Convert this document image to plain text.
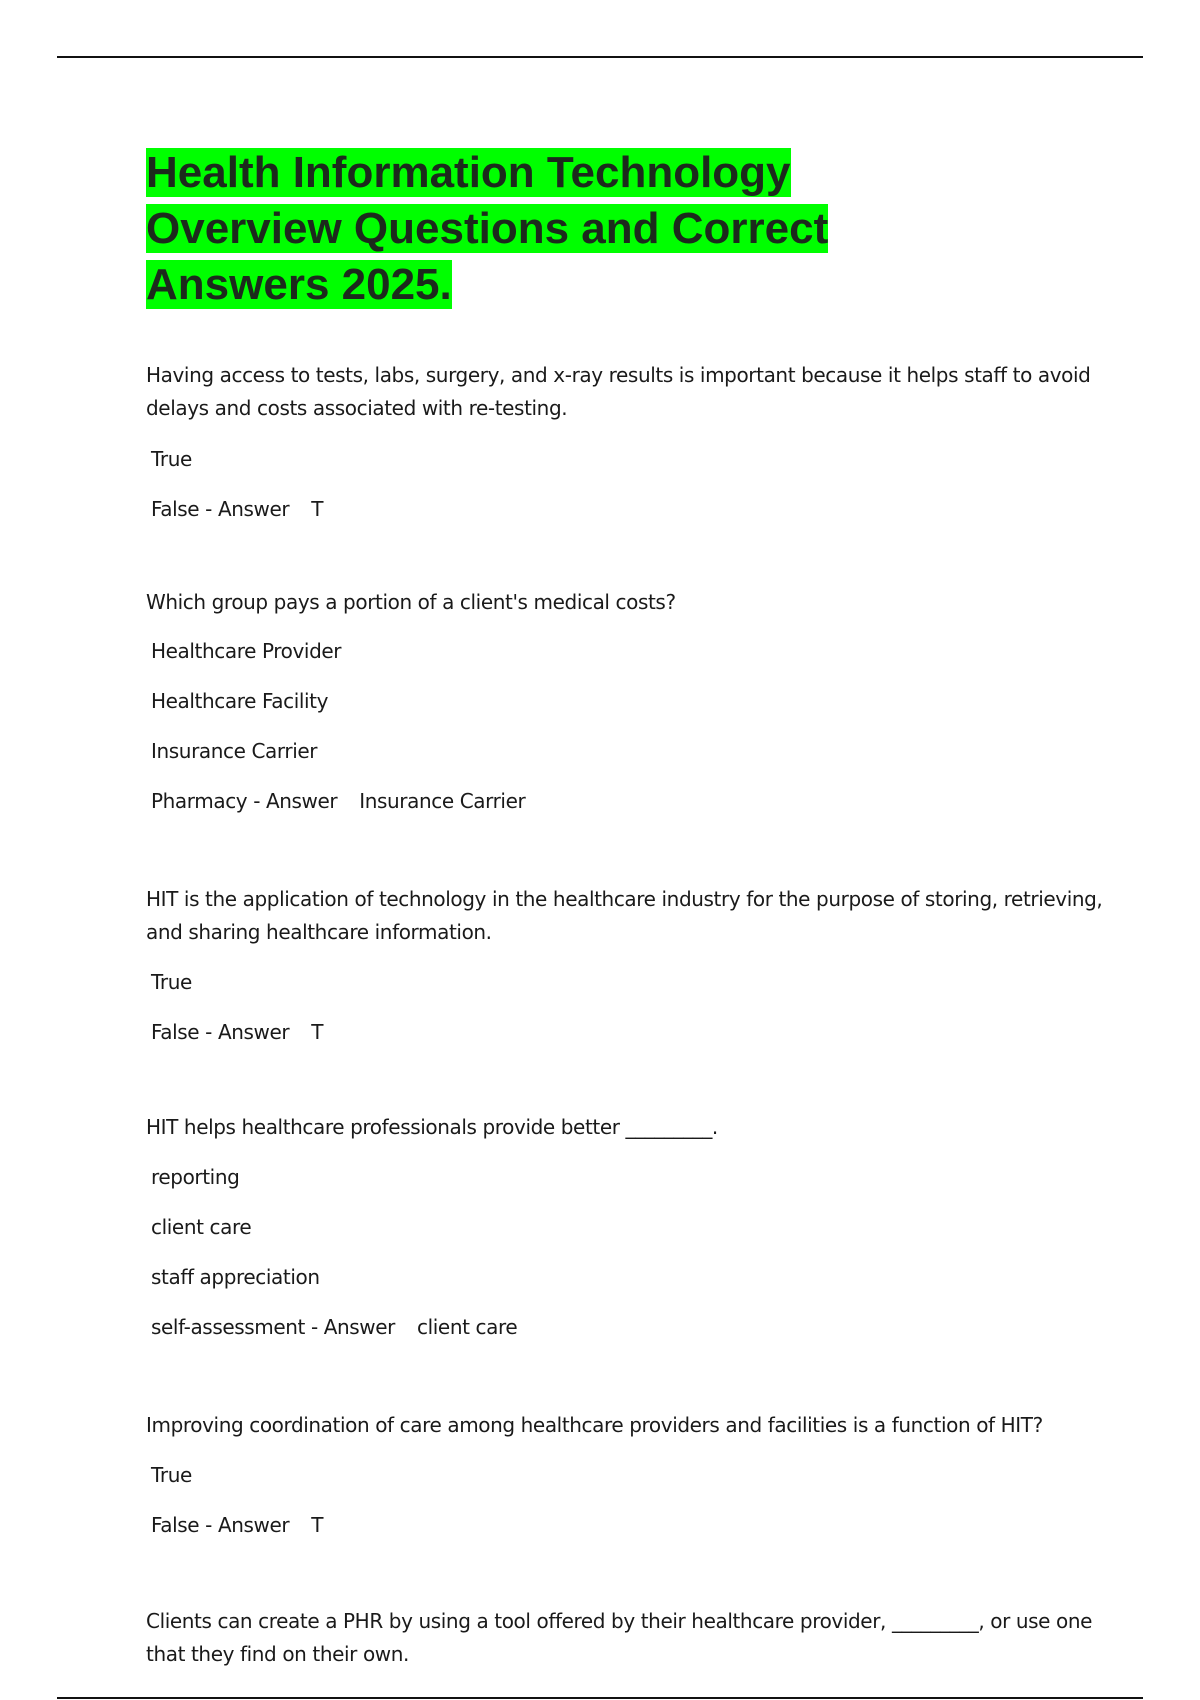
Health Information Technology Overview Questions and Correct Answers 2025.

Having access to tests, labs, surgery, and x-ray results is important because it helps staff to avoid delays and costs associated with re-testing.

True

False - Answer T

Which group pays a portion of a client's medical costs?

Healthcare Provider

Healthcare Facility

Insurance Carrier

Pharmacy - Answer Insurance Carrier

HIT is the application of technology in the healthcare industry for the purpose of storing, retrieving, and sharing healthcare information.

True

False - Answer T

HIT helps healthcare professionals provide better _________.

reporting

client care

staff appreciation

self-assessment - Answer client care

Improving coordination of care among healthcare providers and facilities is a function of HIT?

True

False - Answer T

Clients can create a PHR by using a tool offered by their healthcare provider, _________, or use one that they find on their own.
